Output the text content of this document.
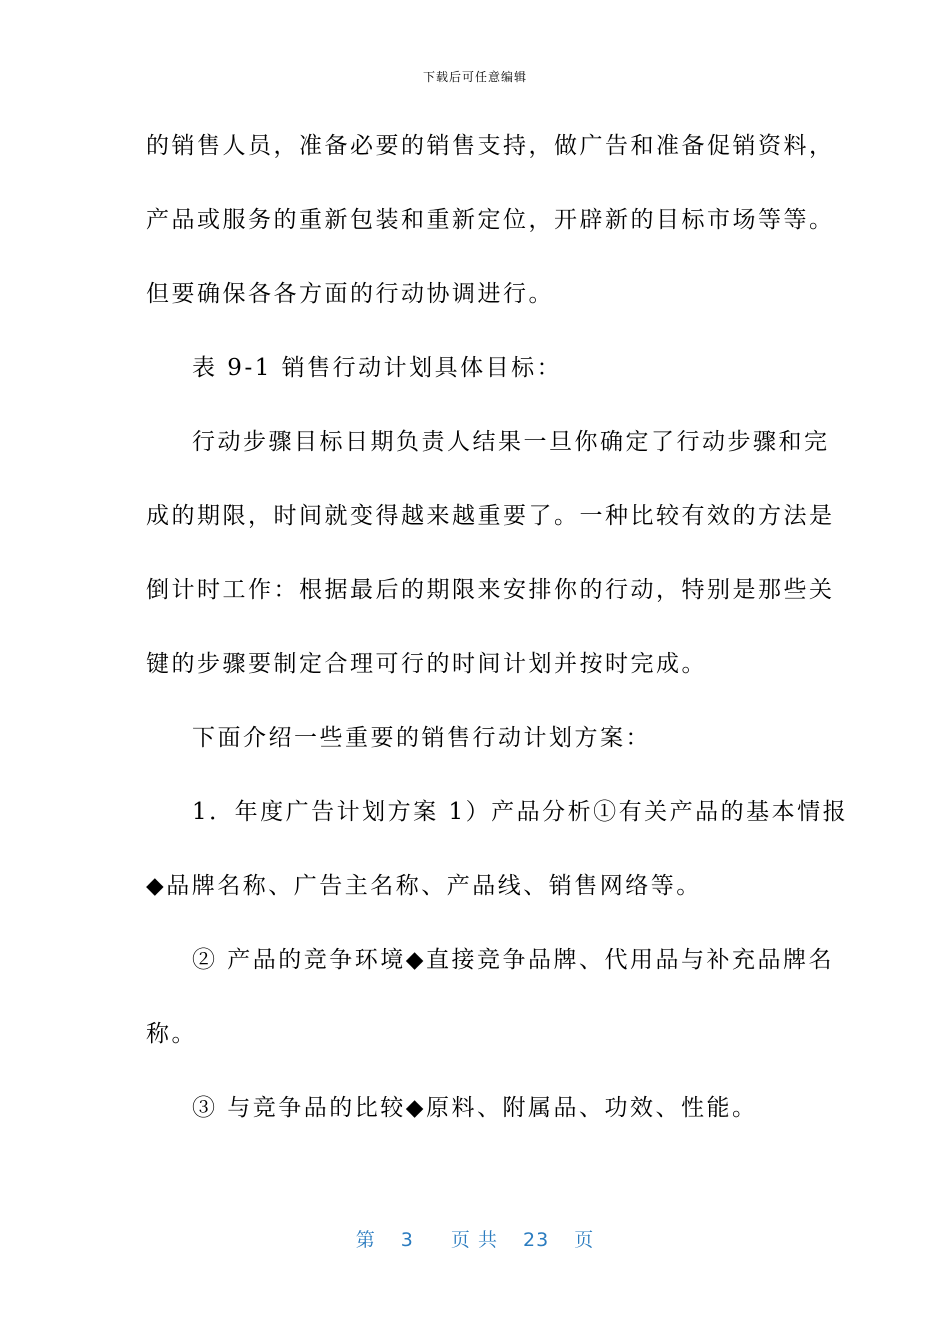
下载后可任意编辑
的销售人员，准备必要的销售支持，做广告和准备促销资料，
产品或服务的重新包装和重新定位，开辟新的目标市场等等。
但要确保各各方面的行动协调进行。
表 9-1 销售行动计划具体目标：
行动步骤目标日期负责人结果一旦你确定了行动步骤和完
成的期限，时间就变得越来越重要了。一种比较有效的方法是
倒计时工作：根据最后的期限来安排你的行动，特别是那些关
键的步骤要制定合理可行的时间计划并按时完成。
下面介绍一些重要的销售行动计划方案：
1．年度广告计划方案 1）产品分析①有关产品的基本情报
◆品牌名称、广告主名称、产品线、销售网络等。
② 产品的竞争环境◆直接竞争品牌、代用品与补充品牌名
称。
③ 与竞争品的比较◆原料、附属品、功效、性能。
第 3 页 共 23 页
